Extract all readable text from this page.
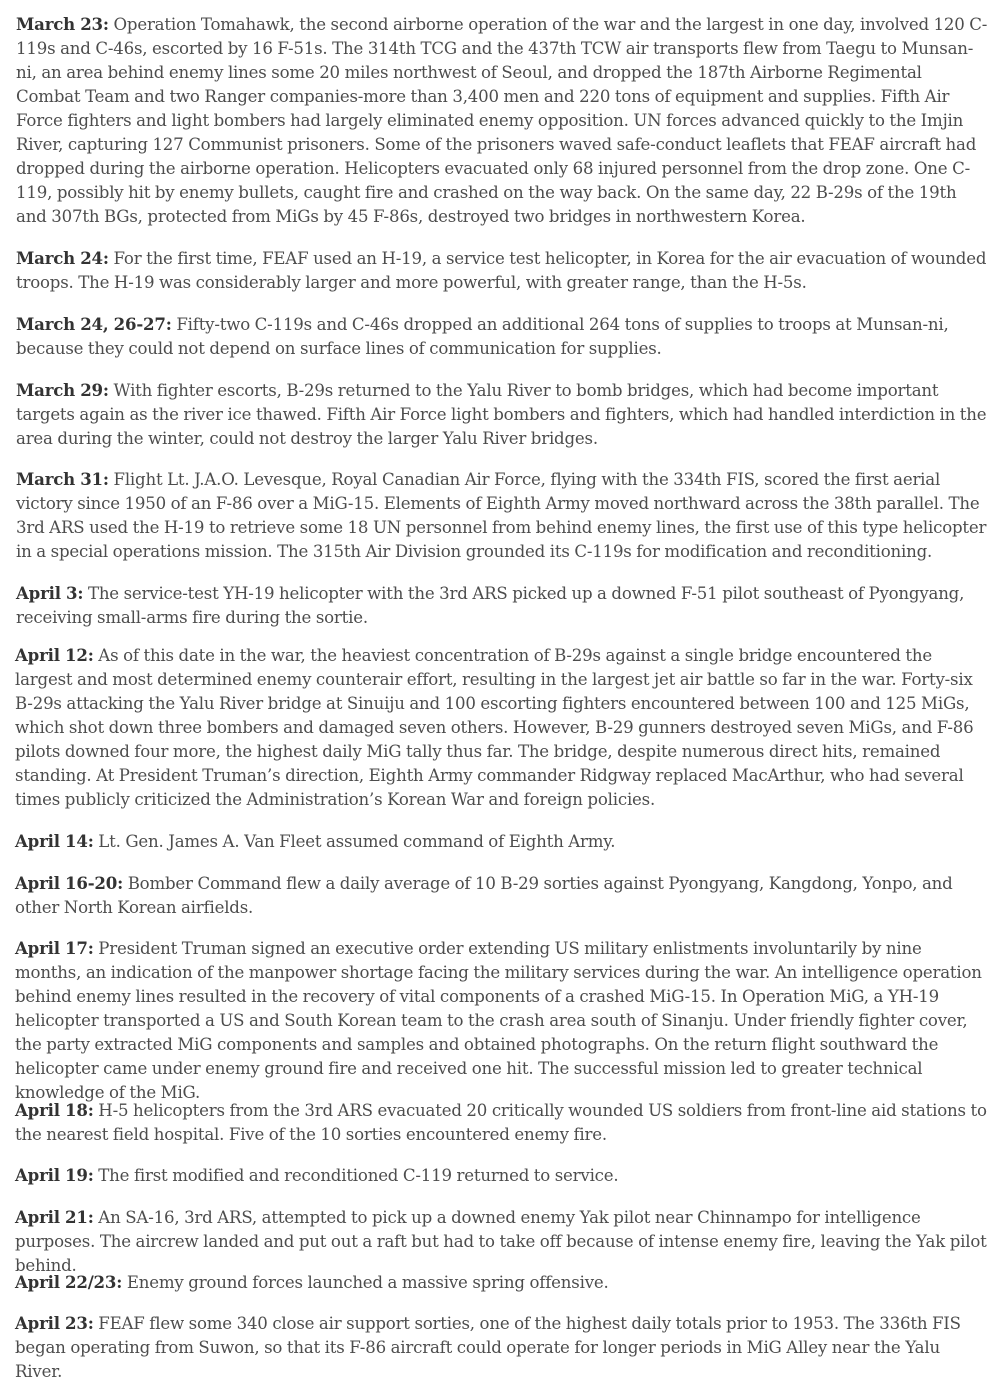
March 23: Operation Tomahawk, the second airborne operation of the war and the largest in one day, involved 120 C-119s and C-46s, escorted by 16 F-51s. The 314th TCG and the 437th TCW air transports flew from Taegu to Munsan-ni, an area behind enemy lines some 20 miles northwest of Seoul, and dropped the 187th Airborne Regimental Combat Team and two Ranger companies-more than 3,400 men and 220 tons of equipment and supplies. Fifth Air Force fighters and light bombers had largely eliminated enemy opposition. UN forces advanced quickly to the Imjin River, capturing 127 Communist prisoners. Some of the prisoners waved safe-conduct leaflets that FEAF aircraft had dropped during the airborne operation. Helicopters evacuated only 68 injured personnel from the drop zone. One C-119, possibly hit by enemy bullets, caught fire and crashed on the way back. On the same day, 22 B-29s of the 19th and 307th BGs, protected from MiGs by 45 F-86s, destroyed two bridges in northwestern Korea.

March 24: For the first time, FEAF used an H-19, a service test helicopter, in Korea for the air evacuation of wounded troops. The H-19 was considerably larger and more powerful, with greater range, than the H-5s.

March 24, 26-27: Fifty-two C-119s and C-46s dropped an additional 264 tons of supplies to troops at Munsan-ni, because they could not depend on surface lines of communication for supplies.

March 29: With fighter escorts, B-29s returned to the Yalu River to bomb bridges, which had become important targets again as the river ice thawed. Fifth Air Force light bombers and fighters, which had handled interdiction in the area during the winter, could not destroy the larger Yalu River bridges.

March 31: Flight Lt. J.A.O. Levesque, Royal Canadian Air Force, flying with the 334th FIS, scored the first aerial victory since 1950 of an F-86 over a MiG-15. Elements of Eighth Army moved northward across the 38th parallel. The 3rd ARS used the H-19 to retrieve some 18 UN personnel from behind enemy lines, the first use of this type helicopter in a special operations mission. The 315th Air Division grounded its C-119s for modification and reconditioning.

April 3: The service-test YH-19 helicopter with the 3rd ARS picked up a downed F-51 pilot southeast of Pyongyang, receiving small-arms fire during the sortie.

April 12: As of this date in the war, the heaviest concentration of B-29s against a single bridge encountered the largest and most determined enemy counterair effort, resulting in the largest jet air battle so far in the war. Forty-six B-29s attacking the Yalu River bridge at Sinuiju and 100 escorting fighters encountered between 100 and 125 MiGs, which shot down three bombers and damaged seven others. However, B-29 gunners destroyed seven MiGs, and F-86 pilots downed four more, the highest daily MiG tally thus far. The bridge, despite numerous direct hits, remained standing. At President Truman’s direction, Eighth Army commander Ridgway replaced MacArthur, who had several times publicly criticized the Administration’s Korean War and foreign policies.

April 14: Lt. Gen. James A. Van Fleet assumed command of Eighth Army.

April 16-20: Bomber Command flew a daily average of 10 B-29 sorties against Pyongyang, Kangdong, Yonpo, and other North Korean airfields.

April 17: President Truman signed an executive order extending US military enlistments involuntarily by nine months, an indication of the manpower shortage facing the military services during the war. An intelligence operation behind enemy lines resulted in the recovery of vital components of a crashed MiG-15. In Operation MiG, a YH-19 helicopter transported a US and South Korean team to the crash area south of Sinanju. Under friendly fighter cover, the party extracted MiG components and samples and obtained photographs. On the return flight southward the helicopter came under enemy ground fire and received one hit. The successful mission led to greater technical knowledge of the MiG.

April 18: H-5 helicopters from the 3rd ARS evacuated 20 critically wounded US soldiers from front-line aid stations to the nearest field hospital. Five of the 10 sorties encountered enemy fire.

April 19: The first modified and reconditioned C-119 returned to service.

April 21: An SA-16, 3rd ARS, attempted to pick up a downed enemy Yak pilot near Chinnampo for intelligence purposes. The aircrew landed and put out a raft but had to take off because of intense enemy fire, leaving the Yak pilot behind.

April 22/23: Enemy ground forces launched a massive spring offensive.

April 23: FEAF flew some 340 close air support sorties, one of the highest daily totals prior to 1953. The 336th FIS began operating from Suwon, so that its F-86 aircraft could operate for longer periods in MiG Alley near the Yalu River.
